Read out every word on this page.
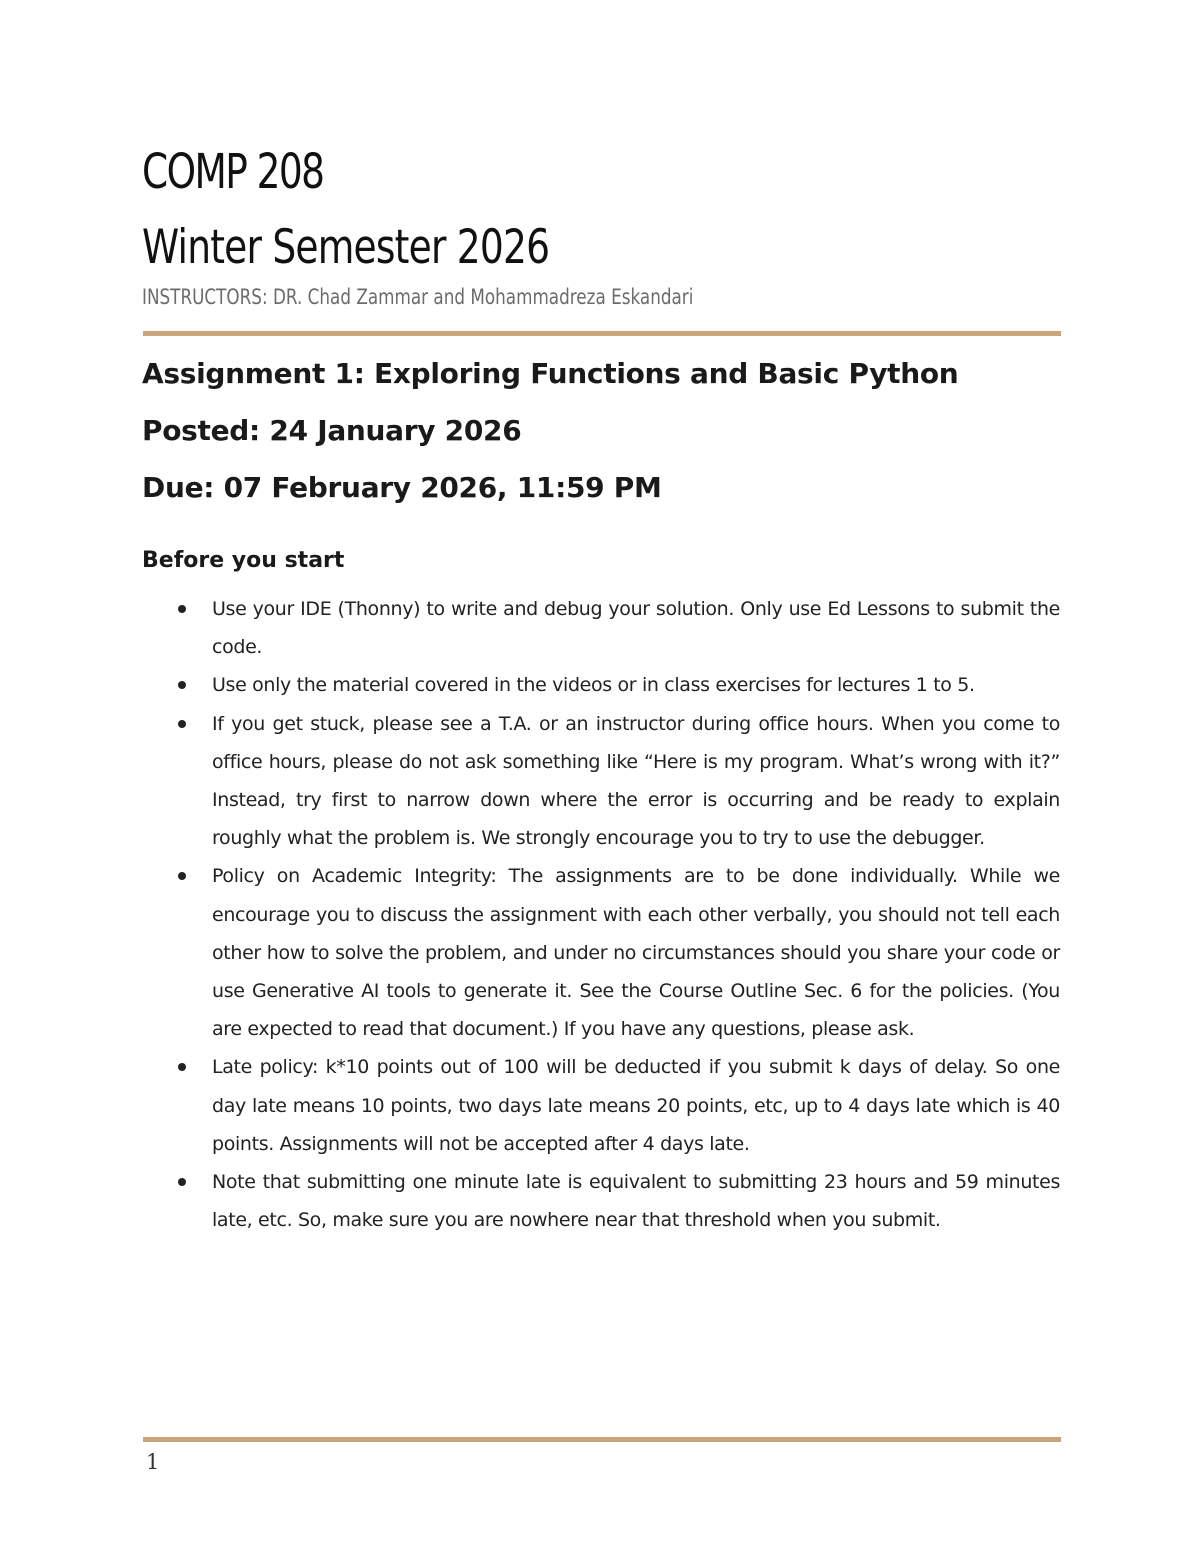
COMP 208
Winter Semester 2026
INSTRUCTORS: DR. Chad Zammar and Mohammadreza Eskandari
Assignment 1: Exploring Functions and Basic Python
Posted: 24 January 2026
Due: 07 February 2026, 11:59 PM
Before you start
Use your IDE (Thonny) to write and debug your solution. Only use Ed Lessons to submit the code.
Use only the material covered in the videos or in class exercises for lectures 1 to 5.
If you get stuck, please see a T.A. or an instructor during office hours. When you come to office hours, please do not ask something like “Here is my program. What’s wrong with it?” Instead, try first to narrow down where the error is occurring and be ready to explain roughly what the problem is. We strongly encourage you to try to use the debugger.
Policy on Academic Integrity: The assignments are to be done individually. While we encourage you to discuss the assignment with each other verbally, you should not tell each other how to solve the problem, and under no circumstances should you share your code or use Generative AI tools to generate it. See the Course Outline Sec. 6 for the policies. (You are expected to read that document.) If you have any questions, please ask.
Late policy: k*10 points out of 100 will be deducted if you submit k days of delay. So one day late means 10 points, two days late means 20 points, etc, up to 4 days late which is 40 points. Assignments will not be accepted after 4 days late.
Note that submitting one minute late is equivalent to submitting 23 hours and 59 minutes late, etc. So, make sure you are nowhere near that threshold when you submit.
1
